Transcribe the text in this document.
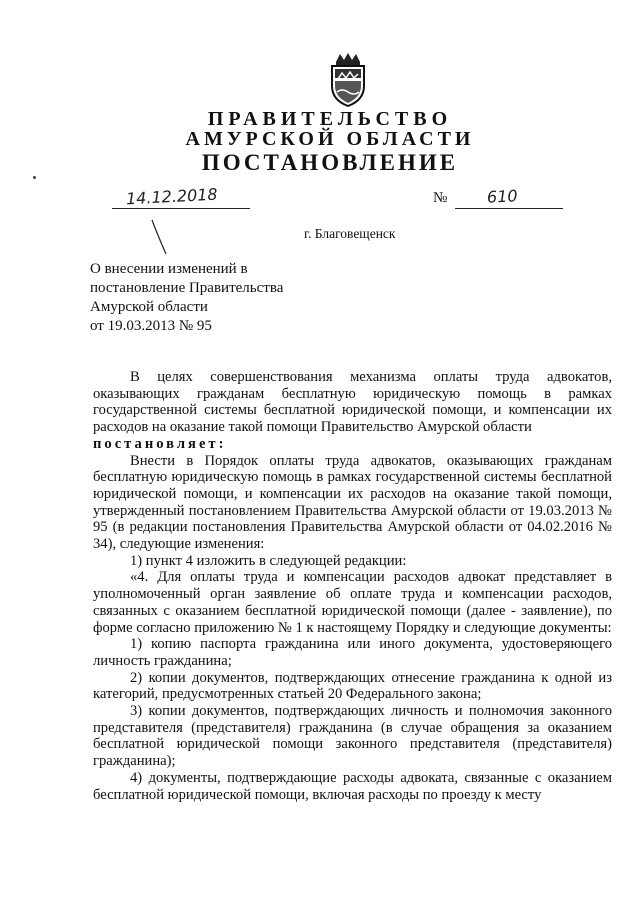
ПРАВИТЕЛЬСТВО
АМУРСКОЙ ОБЛАСТИ
ПОСТАНОВЛЕНИЕ
14.12.2018	№ 610
г. Благовещенск
О внесении изменений в
постановление Правительства
Амурской области
от 19.03.2013 № 95

В целях совершенствования механизма оплаты труда адвокатов, оказывающих гражданам бесплатную юридическую помощь в рамках государственной системы бесплатной юридической помощи, и компенсации их расходов на оказание такой помощи Правительство Амурской области

постановляет:

Внести в Порядок оплаты труда адвокатов, оказывающих гражданам бесплатную юридическую помощь в рамках государственной системы бесплатной юридической помощи, и компенсации их расходов на оказание такой помощи, утвержденный постановлением Правительства Амурской области от 19.03.2013 № 95 (в редакции постановления Правительства Амурской области от 04.02.2016 № 34), следующие изменения:

1) пункт 4 изложить в следующей редакции:

«4. Для оплаты труда и компенсации расходов адвокат представляет в уполномоченный орган заявление об оплате труда и компенсации расходов, связанных с оказанием бесплатной юридической помощи (далее - заявление), по форме согласно приложению № 1 к настоящему Порядку и следующие документы:

1) копию паспорта гражданина или иного документа, удостоверяющего личность гражданина;

2) копии документов, подтверждающих отнесение гражданина к одной из категорий, предусмотренных статьей 20 Федерального закона;

3) копии документов, подтверждающих личность и полномочия законного представителя (представителя) гражданина (в случае обращения за оказанием бесплатной юридической помощи законного представителя (представителя) гражданина);

4) документы, подтверждающие расходы адвоката, связанные с оказанием бесплатной юридической помощи, включая расходы по проезду к месту
